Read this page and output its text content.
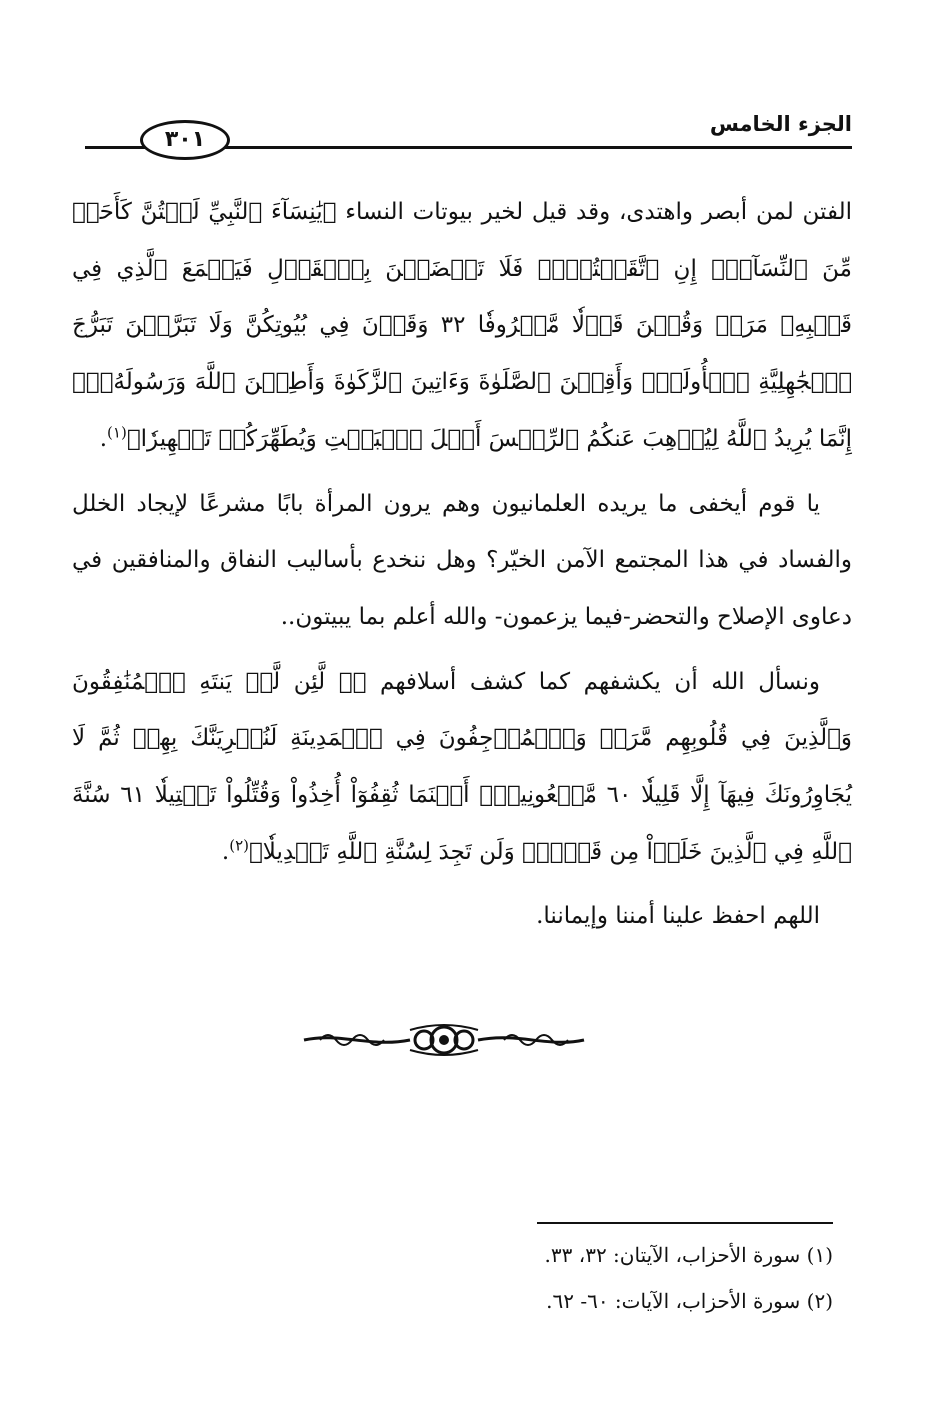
الجزء الخامس
٣٠١

الفتن لمن أبصر واهتدى، وقد قيل لخير بيوتات النساء ﴿يَٰنِسَآءَ ٱلنَّبِيِّ لَسۡتُنَّ كَأَحَدٖ مِّنَ ٱلنِّسَآءِۚ إِنِ ٱتَّقَيۡتُنَّۚ فَلَا تَخۡضَعۡنَ بِٱلۡقَوۡلِ فَيَطۡمَعَ ٱلَّذِي فِي قَلۡبِهِۦ مَرَضٞ وَقُلۡنَ قَوۡلٗا مَّعۡرُوفٗا ٣٢ وَقَرۡنَ فِي بُيُوتِكُنَّ وَلَا تَبَرَّجۡنَ تَبَرُّجَ ٱلۡجَٰهِلِيَّةِ ٱلۡأُولَىٰۖ وَأَقِمۡنَ ٱلصَّلَوٰةَ وَءَاتِينَ ٱلزَّكَوٰةَ وَأَطِعۡنَ ٱللَّهَ وَرَسُولَهُۥٓۚ إِنَّمَا يُرِيدُ ٱللَّهُ لِيُذۡهِبَ عَنكُمُ ٱلرِّجۡسَ أَهۡلَ ٱلۡبَيۡتِ وَيُطَهِّرَكُمۡ تَطۡهِيرٗا﴾$^{(١)}$.

يا قوم أيخفى ما يريده العلمانيون وهم يرون المرأة بابًا مشرعًا لإيجاد الخلل والفساد في هذا المجتمع الآمن الخيّر؟ وهل ننخدع بأساليب النفاق والمنافقين في دعاوى الإصلاح والتحضر-فيما يزعمون- والله أعلم بما يبيتون..

ونسأل الله أن يكشفهم كما كشف أسلافهم ﴿۞ لَّئِن لَّمۡ يَنتَهِ ٱلۡمُنَٰفِقُونَ وَٱلَّذِينَ فِي قُلُوبِهِم مَّرَضٞ وَٱلۡمُرۡجِفُونَ فِي ٱلۡمَدِينَةِ لَنُغۡرِيَنَّكَ بِهِمۡ ثُمَّ لَا يُجَاوِرُونَكَ فِيهَآ إِلَّا قَلِيلٗا ٦٠ مَّلۡعُونِينَۖ أَيۡنَمَا ثُقِفُوٓاْ أُخِذُواْ وَقُتِّلُواْ تَقۡتِيلٗا ٦١ سُنَّةَ ٱللَّهِ فِي ٱلَّذِينَ خَلَوۡاْ مِن قَبۡلُۖ وَلَن تَجِدَ لِسُنَّةِ ٱللَّهِ تَبۡدِيلٗا﴾$^{(٢)}$.

اللهم احفظ علينا أمننا وإيماننا.

(١) سورة الأحزاب، الآيتان: ٣٢، ٣٣.

(٢) سورة الأحزاب، الآيات: ٦٠- ٦٢.
